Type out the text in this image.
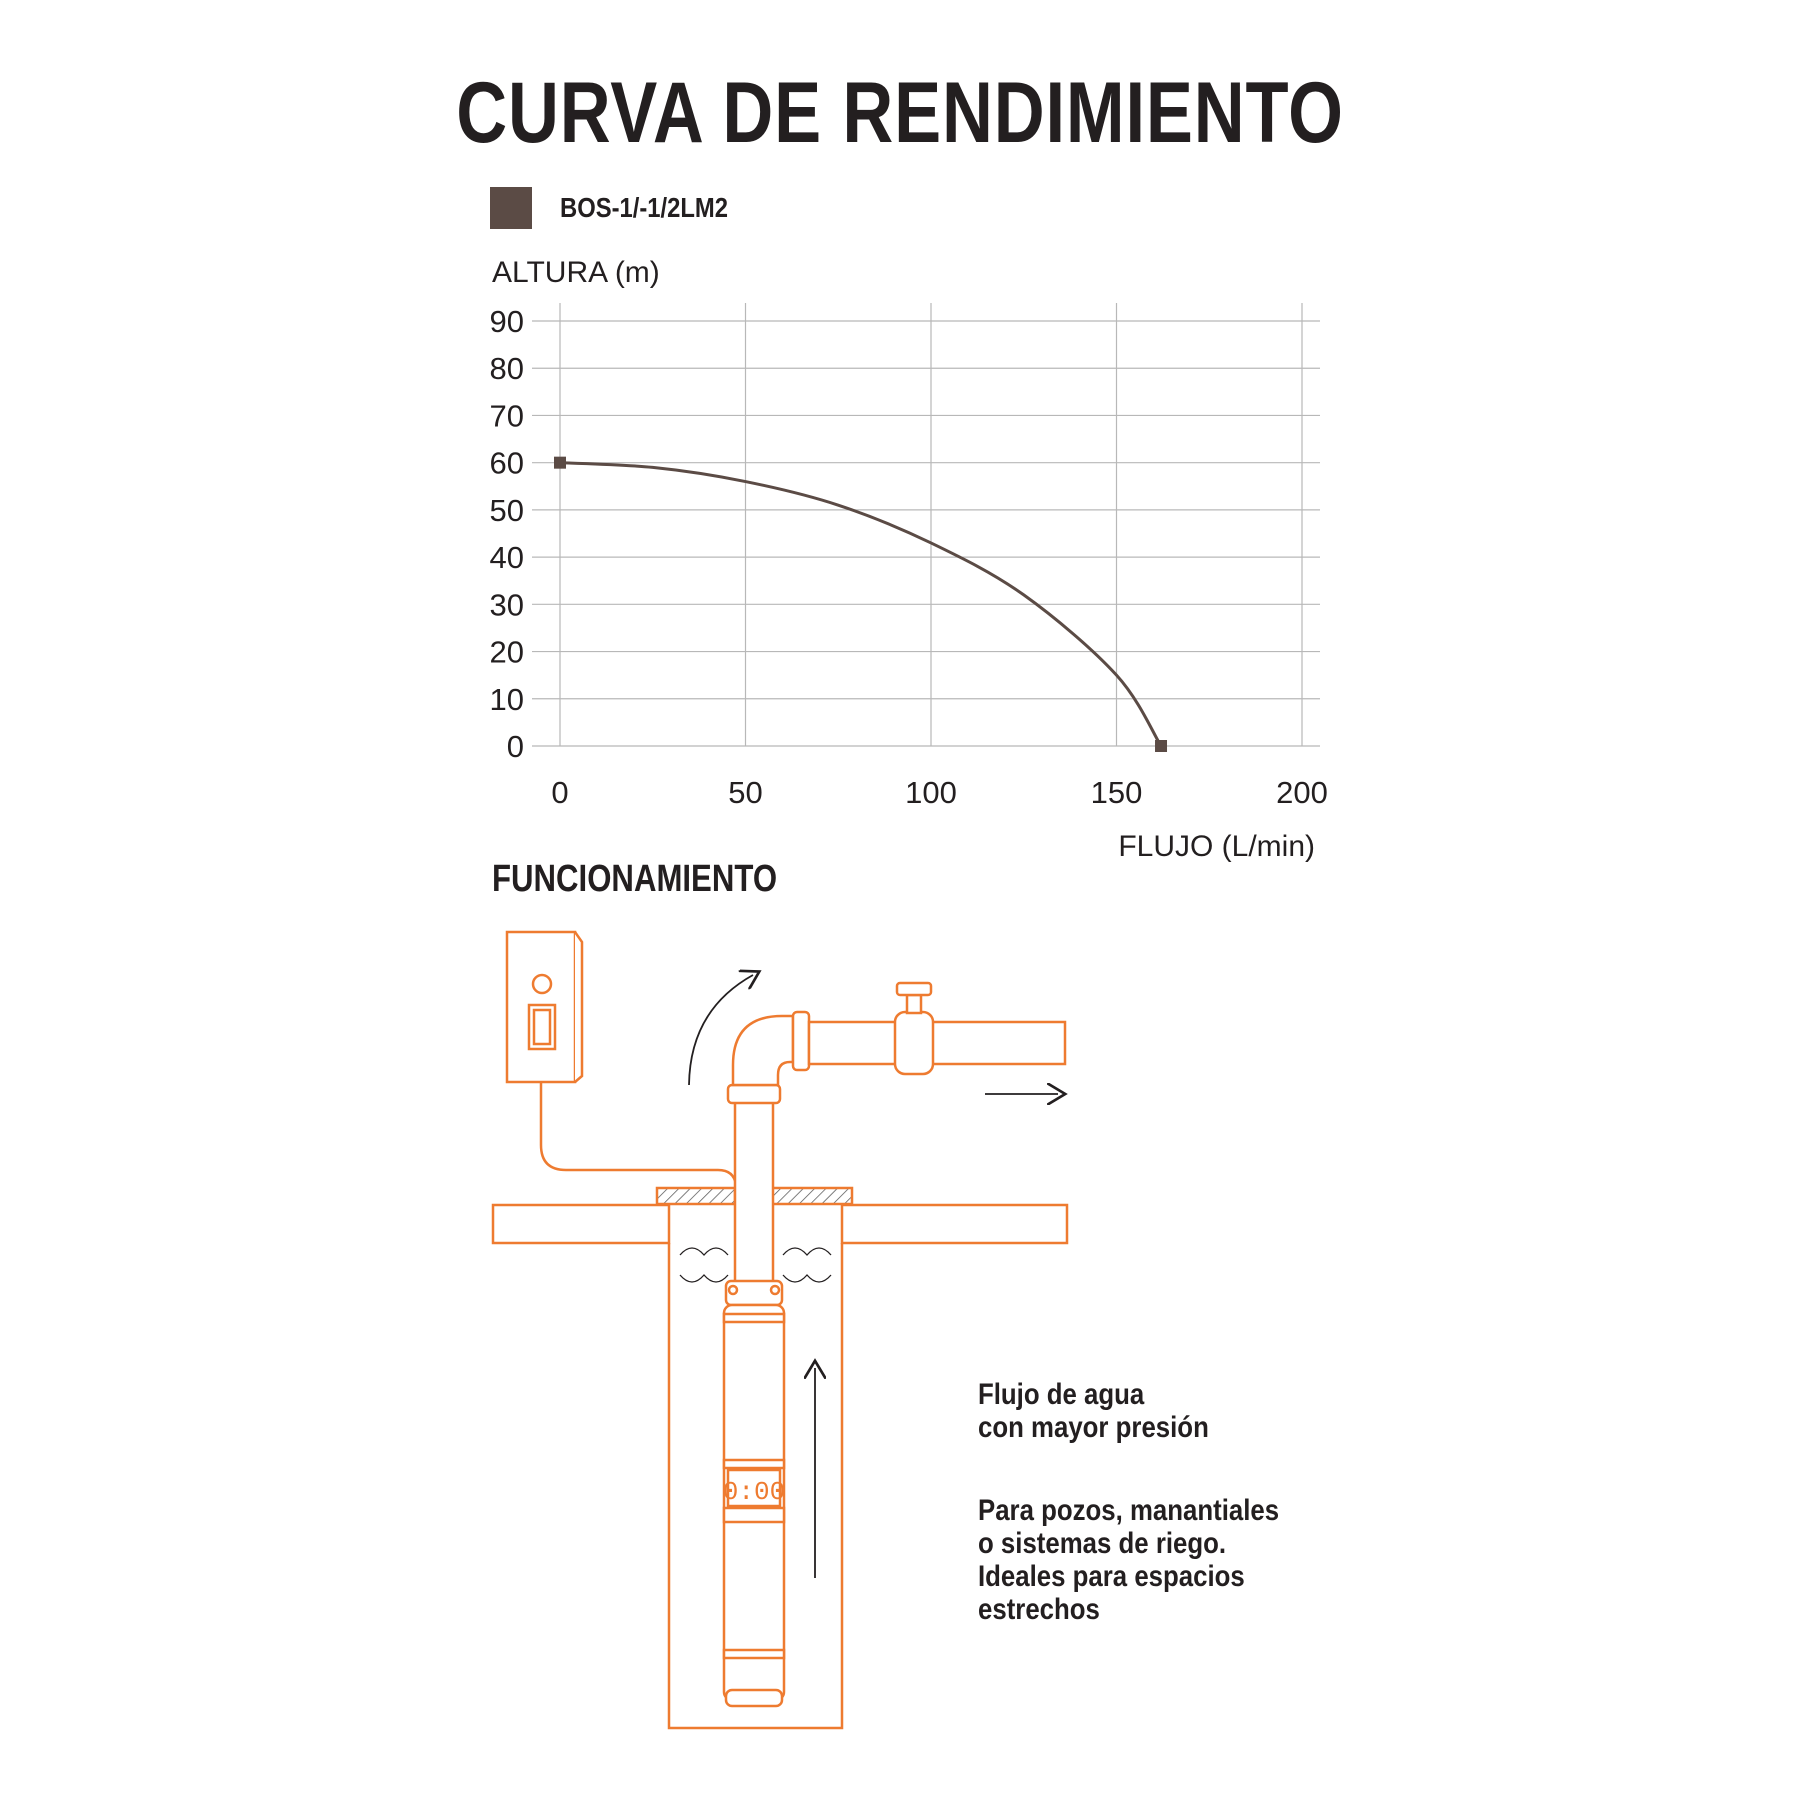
CURVA DE RENDIMIENTO
BOS-1/-1/2LM2
0
10
20
30
40
50
60
70
80
90
0	50	100	150	200
ALTURA (m)
FLUJO (L/min)
FUNCIONAMIENTO
0:00
Flujo de agua
con mayor presión
Para pozos, manantiales
o sistemas de riego.
Ideales para espacios
estrechos
